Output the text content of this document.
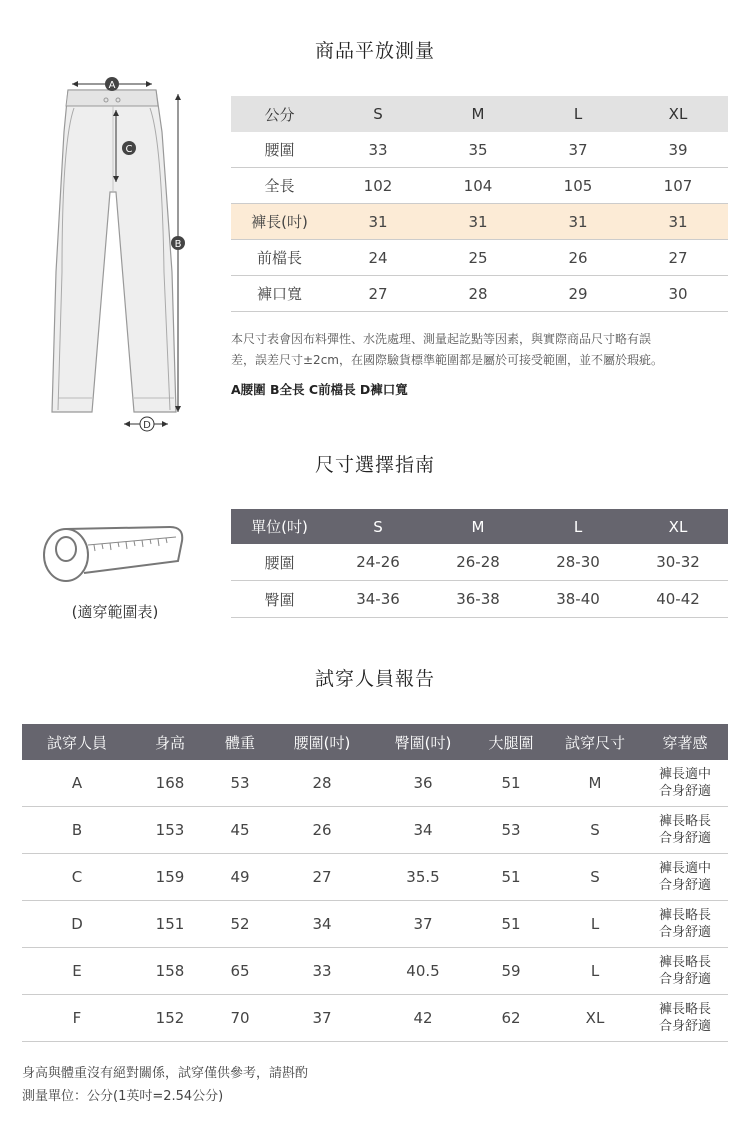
商品平放測量
A
B
C
D
公分	S	M	L	XL
腰圍	33	35	37	39
全長	102	104	105	107
褲長(吋)	31	31	31	31
前檔長	24	25	26	27
褲口寬	27	28	29	30
本尺寸表會因布料彈性、水洗處理、測量起訖點等因素，與實際商品尺寸略有誤
差，誤差尺寸±2cm，在國際驗貨標準範圍都是屬於可接受範圍，並不屬於瑕疵。
A腰圍 B全長 C前檔長 D褲口寬
尺寸選擇指南
(適穿範圍表)
單位(吋)	S	M	L	XL
腰圍	24-26	26-28	28-30	30-32
臀圍	34-36	36-38	38-40	40-42
試穿人員報告
試穿人員	身高	體重	腰圍(吋)	臀圍(吋)	大腿圍	試穿尺寸	穿著感
A	168	53	28	36	51	M	褲長適中
合身舒適

B	153	45	26	34	53	S	褲長略長
合身舒適

C	159	49	27	35.5	51	S	褲長適中
合身舒適

D	151	52	34	37	51	L	褲長略長
合身舒適

E	158	65	33	40.5	59	L	褲長略長
合身舒適

F	152	70	37	42	62	XL	褲長略長
合身舒適
身高與體重沒有絕對關係，試穿僅供參考，請斟酌
測量單位：公分(1英吋=2.54公分)
